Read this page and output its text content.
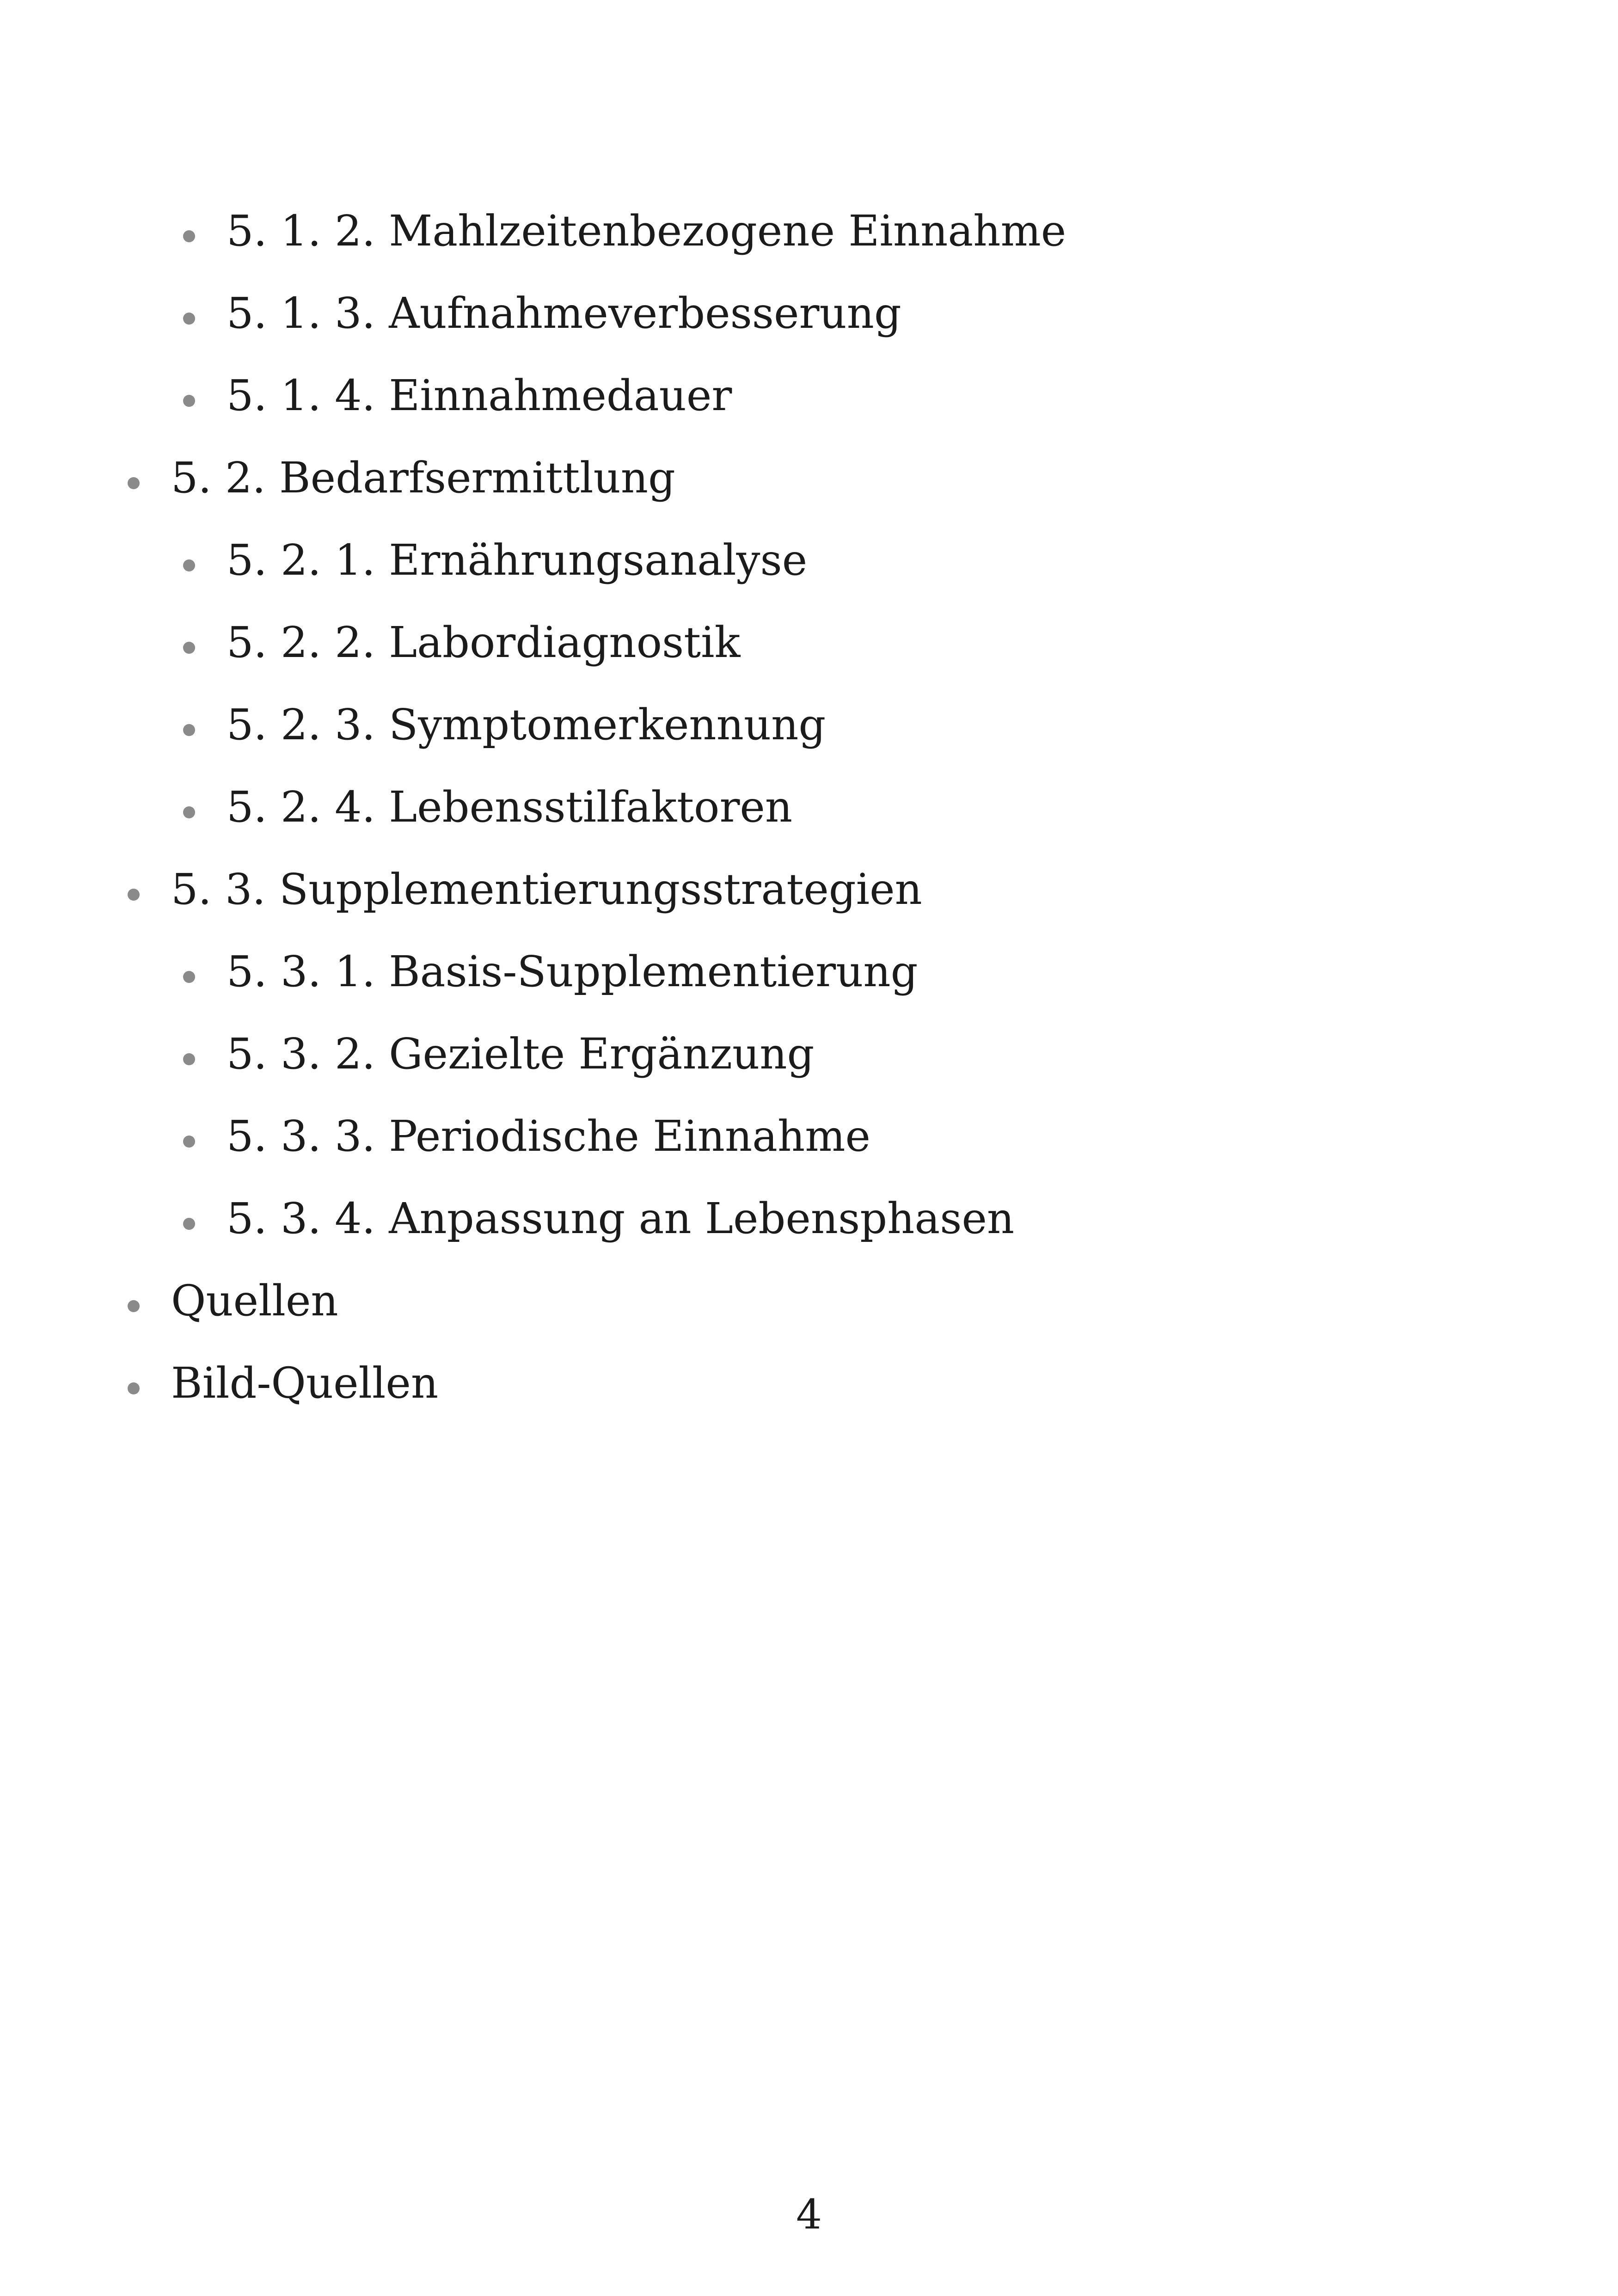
5. 1. 2. Mahlzeitenbezogene Einnahme
5. 1. 3. Aufnahmeverbesserung
5. 1. 4. Einnahmedauer
5. 2. Bedarfsermittlung
5. 2. 1. Ernährungsanalyse
5. 2. 2. Labordiagnostik
5. 2. 3. Symptomerkennung
5. 2. 4. Lebensstilfaktoren
5. 3. Supplementierungsstrategien
5. 3. 1. Basis-Supplementierung
5. 3. 2. Gezielte Ergänzung
5. 3. 3. Periodische Einnahme
5. 3. 4. Anpassung an Lebensphasen
Quellen
Bild-Quellen
4
